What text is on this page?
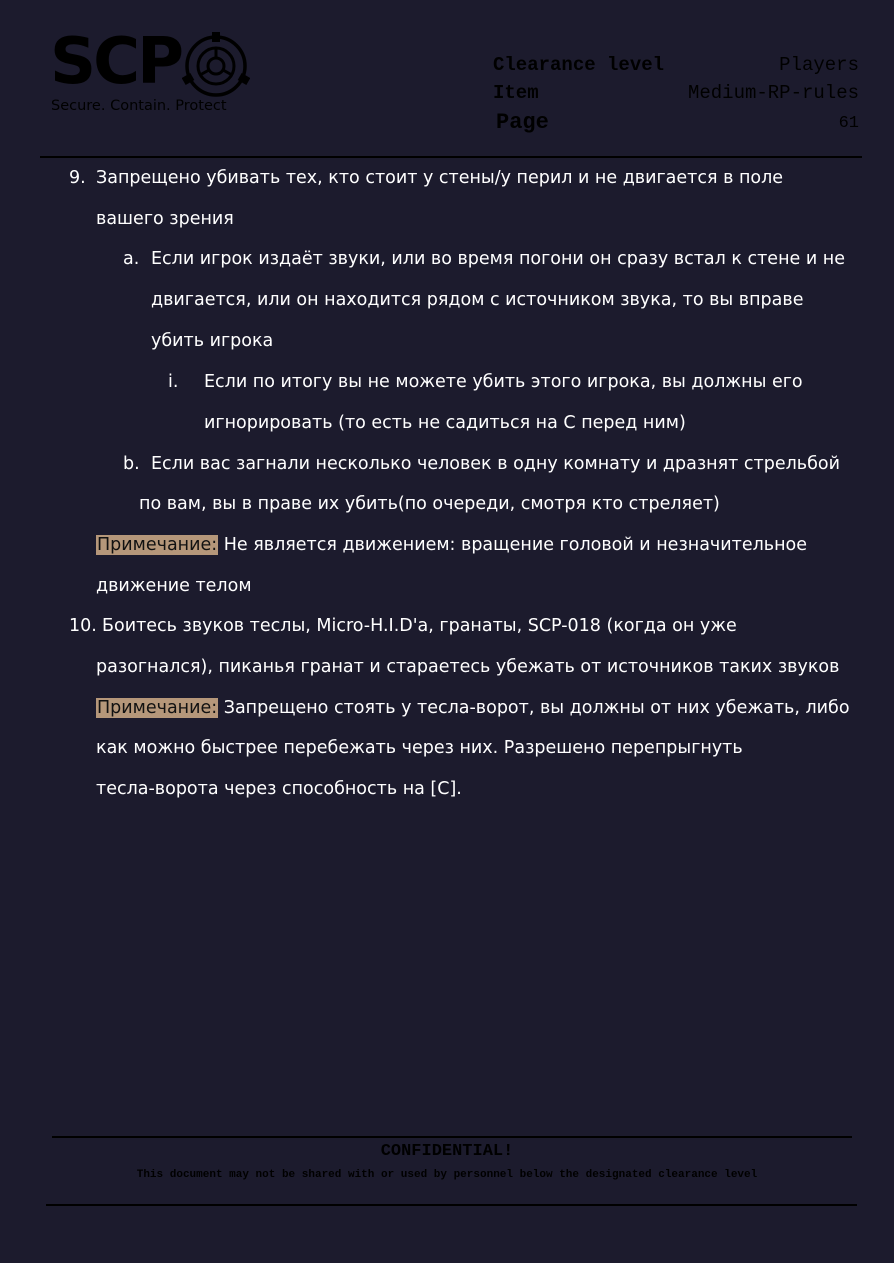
SCP
Secure. Contain. Protect
Clearance level	Players
Item	Medium-RP-rules
Page	61
9. Запрещено убивать тех, кто стоит у стены/у перил и не двигается в поле
вашего зрения
a. Если игрок издаёт звуки, или во время погони он сразу встал к стене и не
двигается, или он находится рядом с источником звука, то вы вправе
убить игрока
i. Если по итогу вы не можете убить этого игрока, вы должны его
игнорировать (то есть не садиться на С перед ним)
b. Если вас загнали несколько человек в одну комнату и дразнят стрельбой
по вам, вы в праве их убить(по очереди, смотря кто стреляет)
Примечание: Не является движением: вращение головой и незначительное
движение телом
10. Боитесь звуков теслы, Micro-H.I.D'a, гранаты, SCP-018 (когда он уже
разогнался), пиканья гранат и стараетесь убежать от источников таких звуков
Примечание: Запрещено стоять у тесла-ворот, вы должны от них убежать, либо
как можно быстрее перебежать через них. Разрешено перепрыгнуть
тесла-ворота через способность на [C].
CONFIDENTIAL!
This document may not be shared with or used by personnel below the designated clearance level
